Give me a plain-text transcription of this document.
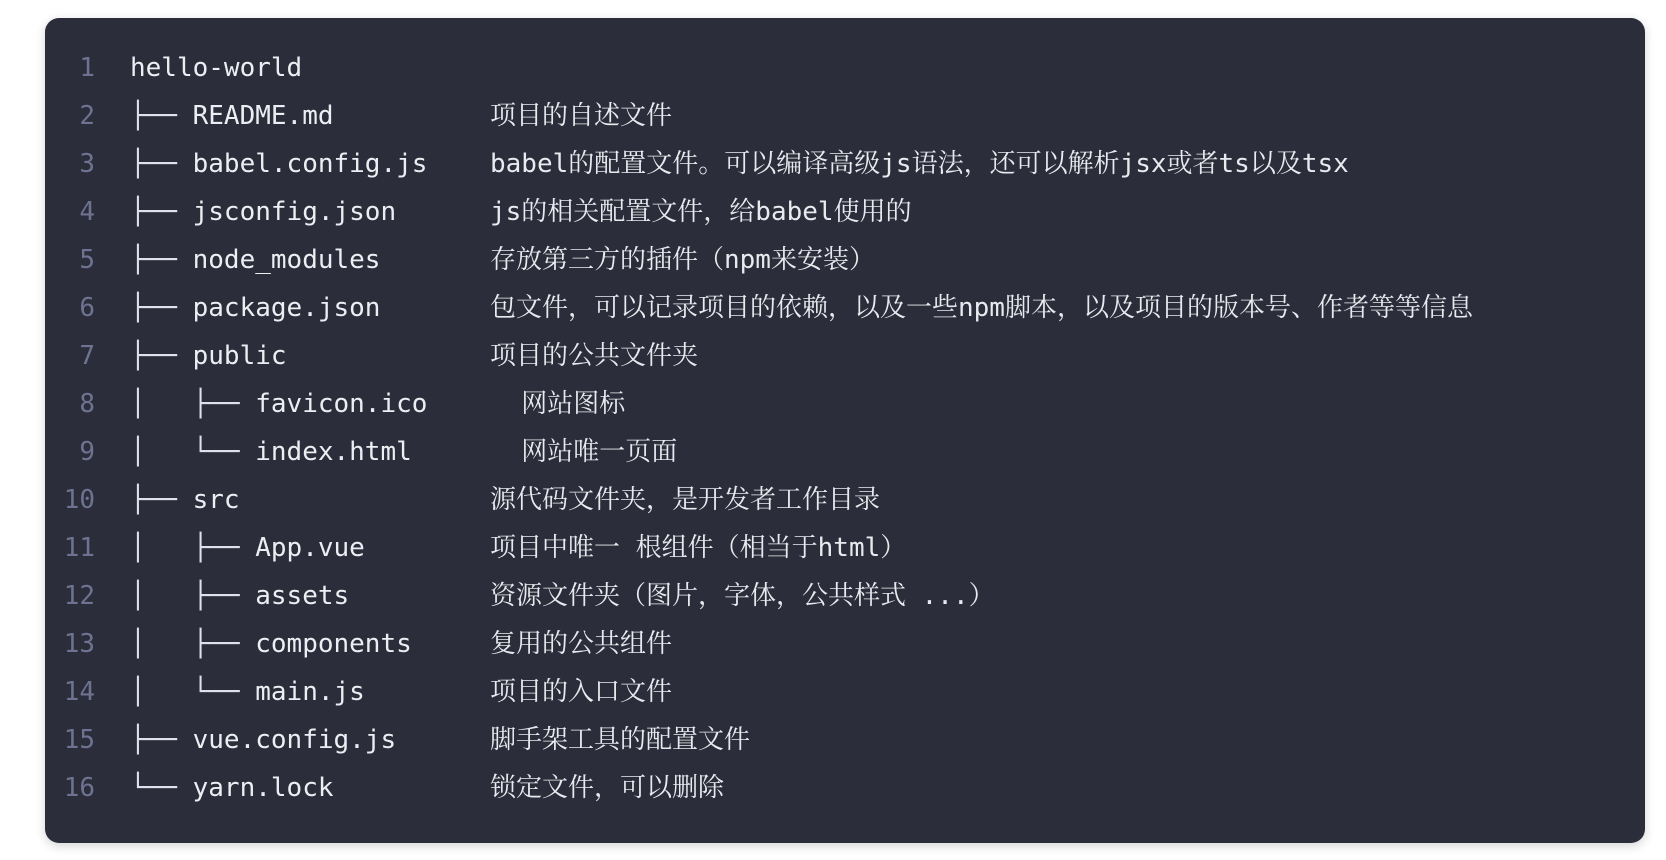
1 hello-world
2 ├── README.md	项目的自述文件
3 ├── babel.config.js babel的配置文件。可以编译高级js语法，还可以解析jsx或者ts以及tsx
4 ├── jsconfig.json	js的相关配置文件，给babel使用的
5 ├── node_modules	存放第三方的插件（npm来安装）
6 ├── package.json	包文件，可以记录项目的依赖，以及一些npm脚本，以及项目的版本号、作者等等信息
7 ├── public	项目的公共文件夹
8 │   ├── favicon.ico  网站图标
9 │   └── index.html	网站唯一页面
10 ├── src	源代码文件夹，是开发者工作目录
11 │   ├── App.vue	项目中唯一 根组件（相当于html）
12 │   ├── assets	资源文件夹（图片，字体，公共样式 ...）
13 │   ├── components	复用的公共组件
14 │   └── main.js	项目的入口文件
15 ├── vue.config.js	脚手架工具的配置文件
16 └── yarn.lock	锁定文件，可以删除
